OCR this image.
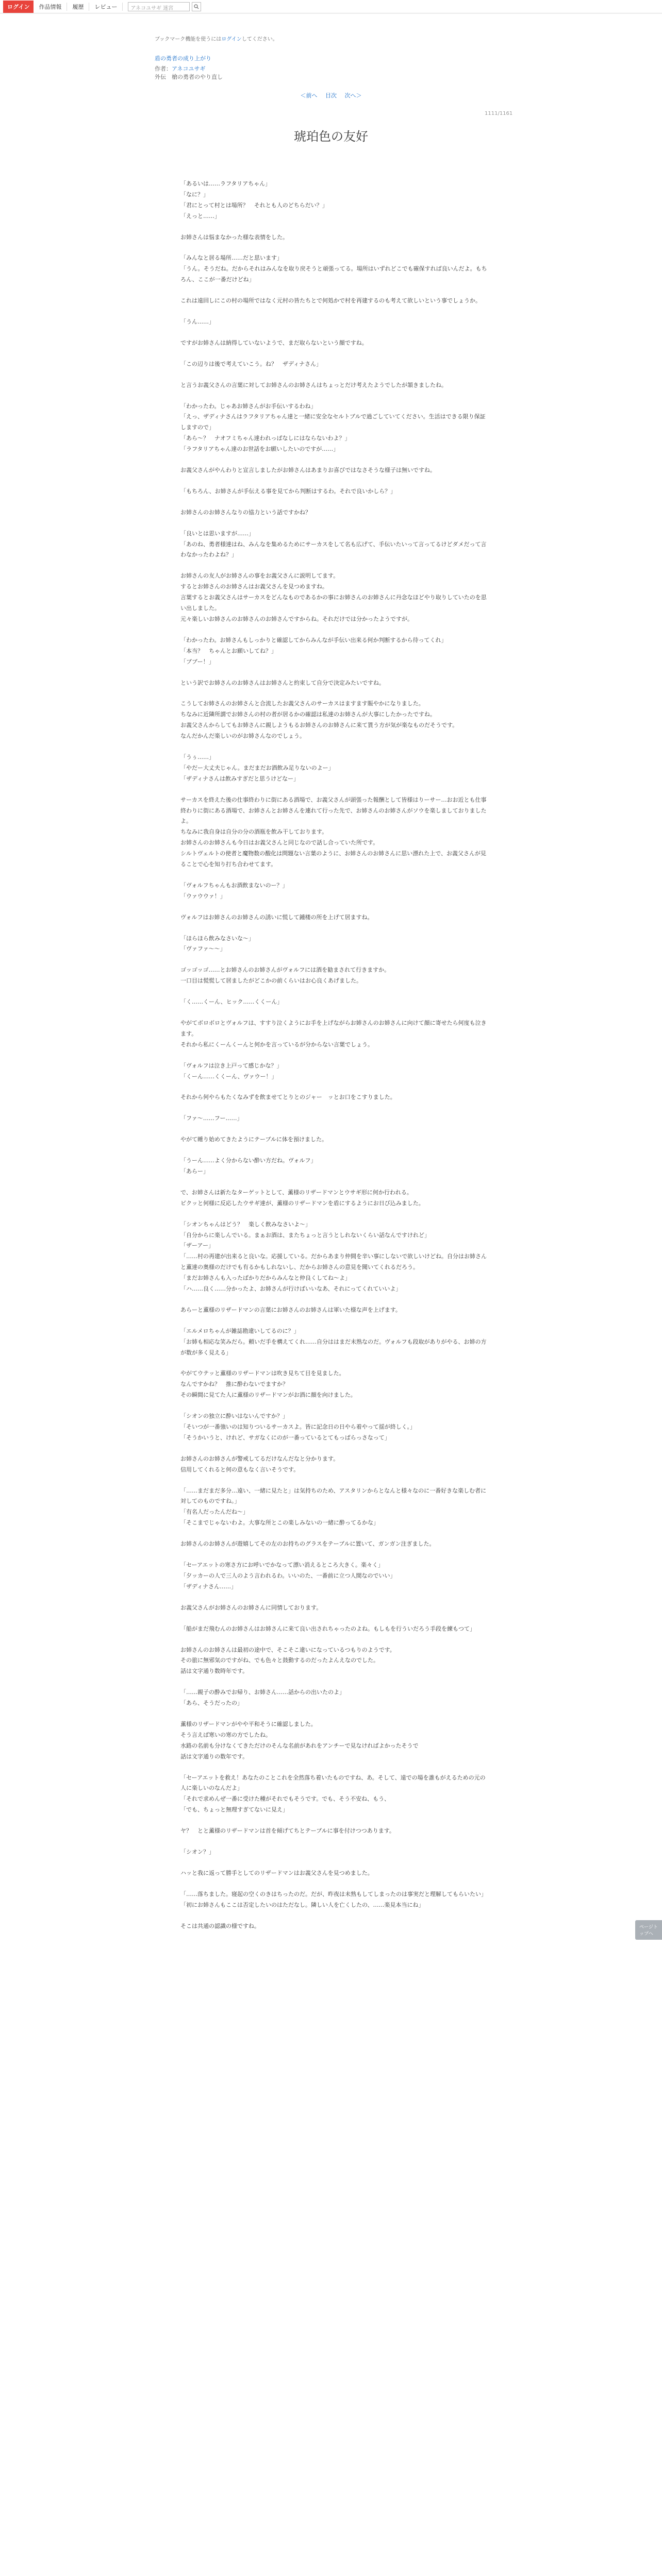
ログイン	作品情報	履歴	レビュー	アネコユサギ 迷宮
ブックマーク機能を使うにはログインしてください。
盾の勇者の成り上がり
作者：アネコユサギ
外伝　槍の勇者のやり直し
＜前へ 目次 次へ＞
1111/1161
琥珀色の友好
「あるいは……ラフタリアちゃん」
「なに？」
「君にとって村とは場所？　それとも人のどちらだい？」
「えっと……」
お姉さんは悩まなかった様な表情をした。
「みんなと居る場所……だと思います」
「うん。そうだね。だからそれはみんなを取り戻そうと頑張ってる。場所はいずれどこでも確保すれば良いんだよ。もちろん、ここが一番だけどね」
これは遠回しにこの村の場所ではなく元村の皆たちとで何処かで村を再建するのも考えて欲しいという事でしょうか。
「うん……」
ですがお姉さんは納得していないようで、まだ取らないという顔ですね。
「この辺りは後で考えていこう。ね？　ザディナさん」
と言うお義父さんの言葉に対してお姉さんのお姉さんはちょっとだけ考えたようでしたが頷きましたね。
「わかったわ。じゃあお姉さんがお手伝いするわね」
「えっ、ザディナさんはラフタリアちゃん達と一緒に安全なセルトブルで過ごしていてください。生活はできる限り保証しますので」
「あら〜？　ナオフミちゃん達われっぱなしにはならないわよ？」
「ラフタリアちゃん達のお世話をお願いしたいのですが……」
お義父さんがやんわりと宣言しましたがお姉さんはあまりお喜びではなさそうな様子は無いですね。
「もちろん、お姉さんが手伝える事を見てから判断はするわ。それで良いかしら？」
お姉さんのお姉さんなりの協力という話ですかね？
「良いとは思いますが……」
「あのね、勇者様達はね、みんなを集めるためにサーカスをして名も広げて、手伝いたいって言ってるけどダメだって言わなかったわよね？」
お姉さんの友人がお姉さんの事をお義父さんに説明してます。
するとお姉さんのお姉さんはお義父さんを見つめますね。
言葉するとお義父さんはサーカスをどんなものであるかの事にお姉さんのお姉さんに丹念なほどやり取りしていたのを思い出しました。
元々楽しいお姉さんのお姉さんのお姉さんですからね。それだけでは分かったようですが。
「わかったわ。お姉さんもしっかりと確認してからみんなが手伝い出来る何か判断するから待ってくれ」
「本当？　ちゃんとお願いしてね？」
「ブブー！」
という訳でお姉さんのお姉さんはお姉さんと約束して自分で決定みたいですね。
こうしてお姉さんのお姉さんと合流したお義父さんのサーカスはますます賑やかになりました。
ちなみに近隣所謂でお姉さんの村の者が居るかの確認は私達のお姉さんが大事にしたかったですね。
お義父さんからしてもお姉さんに親しようもるお姉さんのお姉さんに来て貰う方が気が楽なものだそうです。
なんだかんだ楽しいのがお姉さんなのでしょう。
「うぅ……」
「やだー大丈夫じゃん。まだまだお酒飲み足りないのよー」
「ザディナさんは飲みすぎだと思うけどなー」
サーカスを終えた後の仕事終わりに街にある酒場で、お義父さんが頭張った報酬として皆様はりーサー…おお近とも仕事終わりに街にある酒場で、お姉さんとお姉さんを連れて行った先で、お姉さんのお姉さんがソウを楽しましておりましたよ。
ちなみに我自身は自分の分の酒瓶を飲み干しております。
お姉さんのお姉さんも今日はお義父さんと同じなので話し合っていた所です。
シルトヴェルトの使者と魔物数の酸化は問題ない言葉のように、お姉さんのお姉さんに思い漂れた上で、お義父さんが見ることで心を知り打ち合わせてます。
「ヴォルフちゃんもお酒飲まないのー？」
「ウァウウァ！」
ヴォルフはお姉さんのお姉さんの誘いに慌して鍾楼の所を上げて居ますね。
「ほらほら飲みなさいな〜」
「ヴァファ〜〜」
ゴッゴッゴ……とお姉さんのお姉さんがヴォルフには酒を勧まされて行きますか。
一口目は慌慌して居ましたがどこかの前くらいはお心良くあげました。
「く……くーん、ヒック……くくーん」
やがてボロボロとヴォルフは、すすり泣くようにお手を上げながらお姉さんのお姉さんに向けて顔に寄せたら何度も泣きます。
それから私にくーんくーんと何かを言っているが分からない言葉でしょう。
「ヴォルフは泣き上戸って感じかな？」
「くーん……くくーん、ヴァウー！」
それから何やらもたくなみずを飲ませてとりとのジャー　ッとお口をこすりました。
「ファ〜……フー……」
やがて睡り始めてきたようにテーブルに体を預けました。
「うーん……よく分からない酔い方だね。ヴォルフ」
「あらー」
で、お姉さんは新たなターゲットとして、薫様のリザードマンとウサギ形に何か行われる。
ピクッと何様に反応したウサギ達が、薫様のリザードマンを盾にするようにお日び込みました。
「シオンちゃんはどう？　楽しく飲みなさいよ〜」
「自分からに楽しんでいる。まぁお酒は、またちょっと言うとしれないくらい話なんですけれど」
「ザーアー」
「……村の再建が出来ると良いな。応援している。だからあまり仲間を辛い事にしないで欲しいけどね。自分はお姉さんと薫達の奥様のだけでも有るかもしれないし、だからお姉さんの意見を聞いてくれるだろう。
「まだお姉さんも入ったばかりだからみんなと仲良くしてね〜よ」
「ハ……良く……分かったよ、お姉さんが行けばいいなあ、それにってくれていいよ」
あらーと薫様のリザードマンの言葉にお姉さんのお姉さんは軍いた様な声を上げます。
「エルメロちゃんが雑誌勘違いしてるのに？」
「お姉も相応な笑みだら。頼いだ手を構えてくれ……自分ははまだ未熟なのだ。ヴォルフも段取がありがやる、お姉の方が数が多く見える」
やがてウテッと薫様のリザードマンは吹き見ちて目を見ました。
なんですかね？　推に酔わないでますか？
その瞬間に見てた人に薫様のリザードマンがお酒に顔を向けました。
「シオンの独立に酔いはないんですか？」
「そいつが一番強いのは知りついるサーカスよ。皆に記念日の日やら着やって揺が終しく。」
「そうかいうと、けれど、サガなくにのが一番っているとてもっぱらっさなって」
お姉さんのお姉さんが警戒してるだけなんだなと分かります。
信用してくれると何の意もなく言いそうです。
「……まだまだ多分…遠い、一緒に見たと」は気持ちのため、アスタリンからとなんと様々なのに一番好きな楽しむ者に対してのものですね。」
「有名人だったんだね〜」
「そこまでじゃないわよ。大事な所とこの楽しみないの一緒に酔ってるかな」
お姉さんのお姉さんが遊嬉してその左のお持ちのグラスをテーブルに置いて、ガンガン注ぎました。
「セーアエットの寒さ方にお呼いでかなって漂い消えるところ大きく。楽々く」
「夕ッカーの人で三人のよう言われるわ。いいのた、一番前に立つ人間なのでいい」
「ザディナさん……」
お義父さんがお姉さんのお姉さんに同情しております。
「船がまだ飛むんのお姉さんはお姉さんに来て良い出されちゃったのよね。もしもを行ういだろう手段を練もつて」
お姉さんのお姉さんは最初の途中で、そこそこ違いになっているつもりのようです。
その旅に無邪気のですがね、でも色々と鼓動するのだったよんえなのでした。
話は文字通り数時年です。
「……親子の酔みでお帰り、お姉さん……話からの出いたのよ」
「あら、そうだったの」
薫様のリザードマンがやや平和そうに確認しました。
そう言えば寒いの寒の方でしたね。
水路の名前も分けなくてきただけのそんな名前があれをアンチーで見なければよかったそうで
話は文字通りの数年です。
「セーアエットを救え！あなたのことこれを全然落ち着いたものですね、あ。そして、遠での場を誰もがえるための元の人に楽しいのなんだよ」
「それで求めんぜ一番に受けた種がそれでもそうです。でも、そう不安ね、もう、
「でも、ちょっと無理すぎてないに見え」
ヤ？　とと薫様のリザードマンは首を傾げてちとテーブルに事を付けつつあります。
「シオン？」
ハッと我に返って勝手としてのリザードマンはお義父さんを見つめました。
「……落ちました。寝起の空くのきはちったのだ。だが、昨夜は未熟もしてしまったのは事実だと理解してもらいたい」
「初にお姉さんもここは否定したいのはただなし。隣しい人を亡くしたの、……楽見本当にね」
そこは共通の認識の様ですね。	ページトップへ
